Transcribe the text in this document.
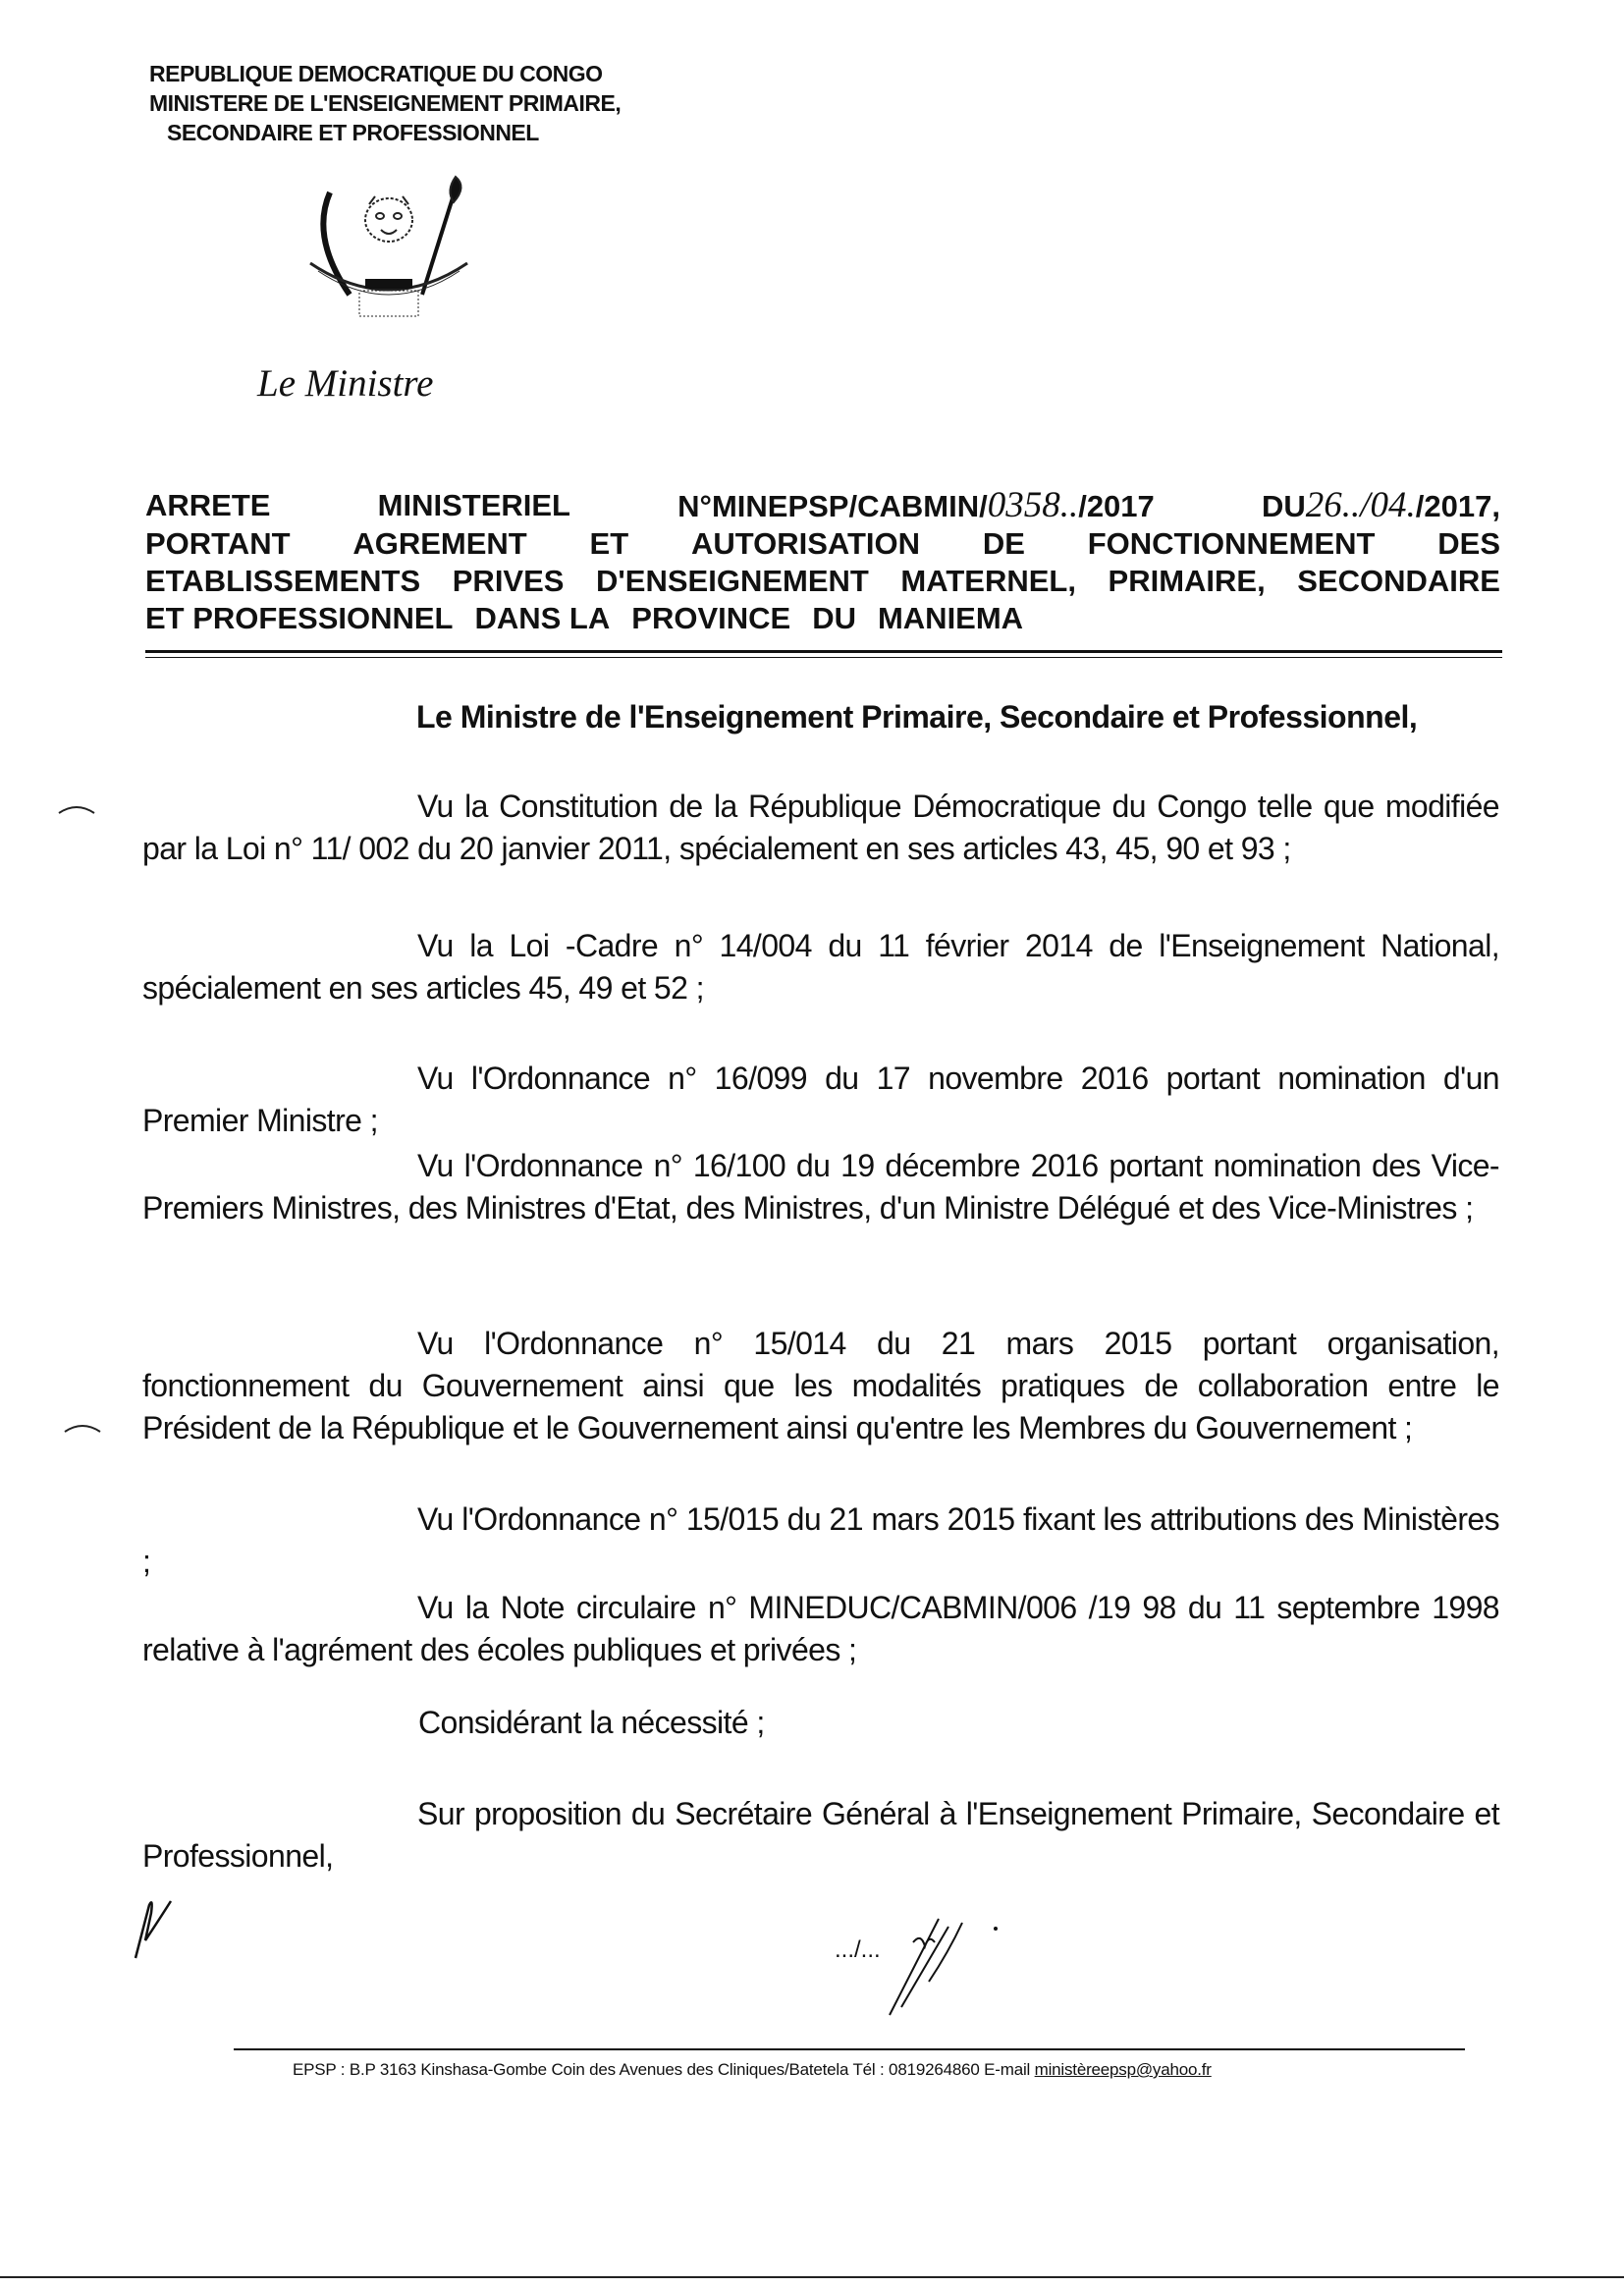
REPUBLIQUE DEMOCRATIQUE DU CONGO
MINISTERE DE L'ENSEIGNEMENT PRIMAIRE,
SECONDAIRE ET PROFESSIONNEL
Le Ministre
ARRETE	MINISTERIEL	N°MINEPSP/CABMIN/0358../2017	DU26../04./2017,
PORTANT AGREMENT ET AUTORISATION DE FONCTIONNEMENT DES
ETABLISSEMENTS PRIVES D'ENSEIGNEMENT MATERNEL, PRIMAIRE, SECONDAIRE
ET PROFESSIONNEL DANS LA PROVINCE DU MANIEMA
Le Ministre de l'Enseignement Primaire, Secondaire et Professionnel,
Vu la Constitution de la République Démocratique du Congo telle que modifiée par la Loi n° 11/ 002 du 20 janvier 2011, spécialement en ses articles 43, 45, 90 et 93 ;
Vu la Loi -Cadre n° 14/004 du 11 février 2014 de l'Enseignement National, spécialement en ses articles 45, 49 et 52 ;
Vu l'Ordonnance n° 16/099 du 17 novembre 2016 portant nomination d'un Premier Ministre ;
Vu l'Ordonnance n° 16/100 du 19 décembre 2016 portant nomination des Vice-Premiers Ministres, des Ministres d'Etat, des Ministres, d'un Ministre Délégué et des Vice-Ministres ;
Vu l'Ordonnance n° 15/014 du 21 mars 2015 portant organisation, fonctionnement du Gouvernement ainsi que les modalités pratiques de collaboration entre le Président de la République et le Gouvernement ainsi qu'entre les Membres du Gouvernement ;
Vu l'Ordonnance n° 15/015 du 21 mars 2015 fixant les attributions des Ministères ;
Vu la Note circulaire n° MINEDUC/CABMIN/006 /19 98 du 11 septembre 1998 relative à l'agrément des écoles publiques et privées ;
Considérant la nécessité ;
Sur proposition du Secrétaire Général à l'Enseignement Primaire, Secondaire et Professionnel,
.../...
EPSP : B.P 3163 Kinshasa-Gombe Coin des Avenues des Cliniques/Batetela Tél : 0819264860 E-mail ministèreepsp@yahoo.fr
